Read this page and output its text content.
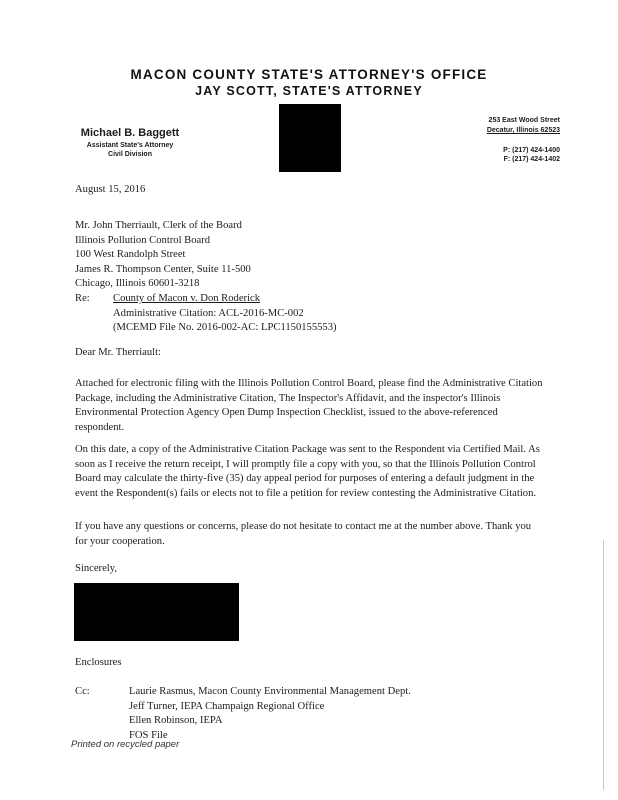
MACON COUNTY STATE'S ATTORNEY'S OFFICE
JAY SCOTT, STATE'S ATTORNEY
Michael B. Baggett
Assistant State's Attorney
Civil Division
253 East Wood Street
Decatur, Illinois 62523
P: (217) 424-1400
F: (217) 424-1402
August 15, 2016
Mr. John Therriault, Clerk of the Board
Illinois Pollution Control Board
100 West Randolph Street
James R. Thompson Center, Suite 11-500
Chicago, Illinois 60601-3218
Re: County of Macon v. Don Roderick
Administrative Citation: ACL-2016-MC-002
(MCEMD File No. 2016-002-AC: LPC1150155553)
Dear Mr. Therriault:
Attached for electronic filing with the Illinois Pollution Control Board, please find the Administrative Citation Package, including the Administrative Citation, The Inspector's Affidavit, and the inspector's Illinois Environmental Protection Agency Open Dump Inspection Checklist, issued to the above-referenced respondent.
On this date, a copy of the Administrative Citation Package was sent to the Respondent via Certified Mail. As soon as I receive the return receipt, I will promptly file a copy with you, so that the Illinois Pollution Control Board may calculate the thirty-five (35) day appeal period for purposes of entering a default judgment in the event the Respondent(s) fails or elects not to file a petition for review contesting the Administrative Citation.
If you have any questions or concerns, please do not hesitate to contact me at the number above. Thank you for your cooperation.
Sincerely,
Enclosures
Cc:	Laurie Rasmus, Macon County Environmental Management Dept.
Jeff Turner, IEPA Champaign Regional Office
Ellen Robinson, IEPA
FOS File
Printed on recycled paper
